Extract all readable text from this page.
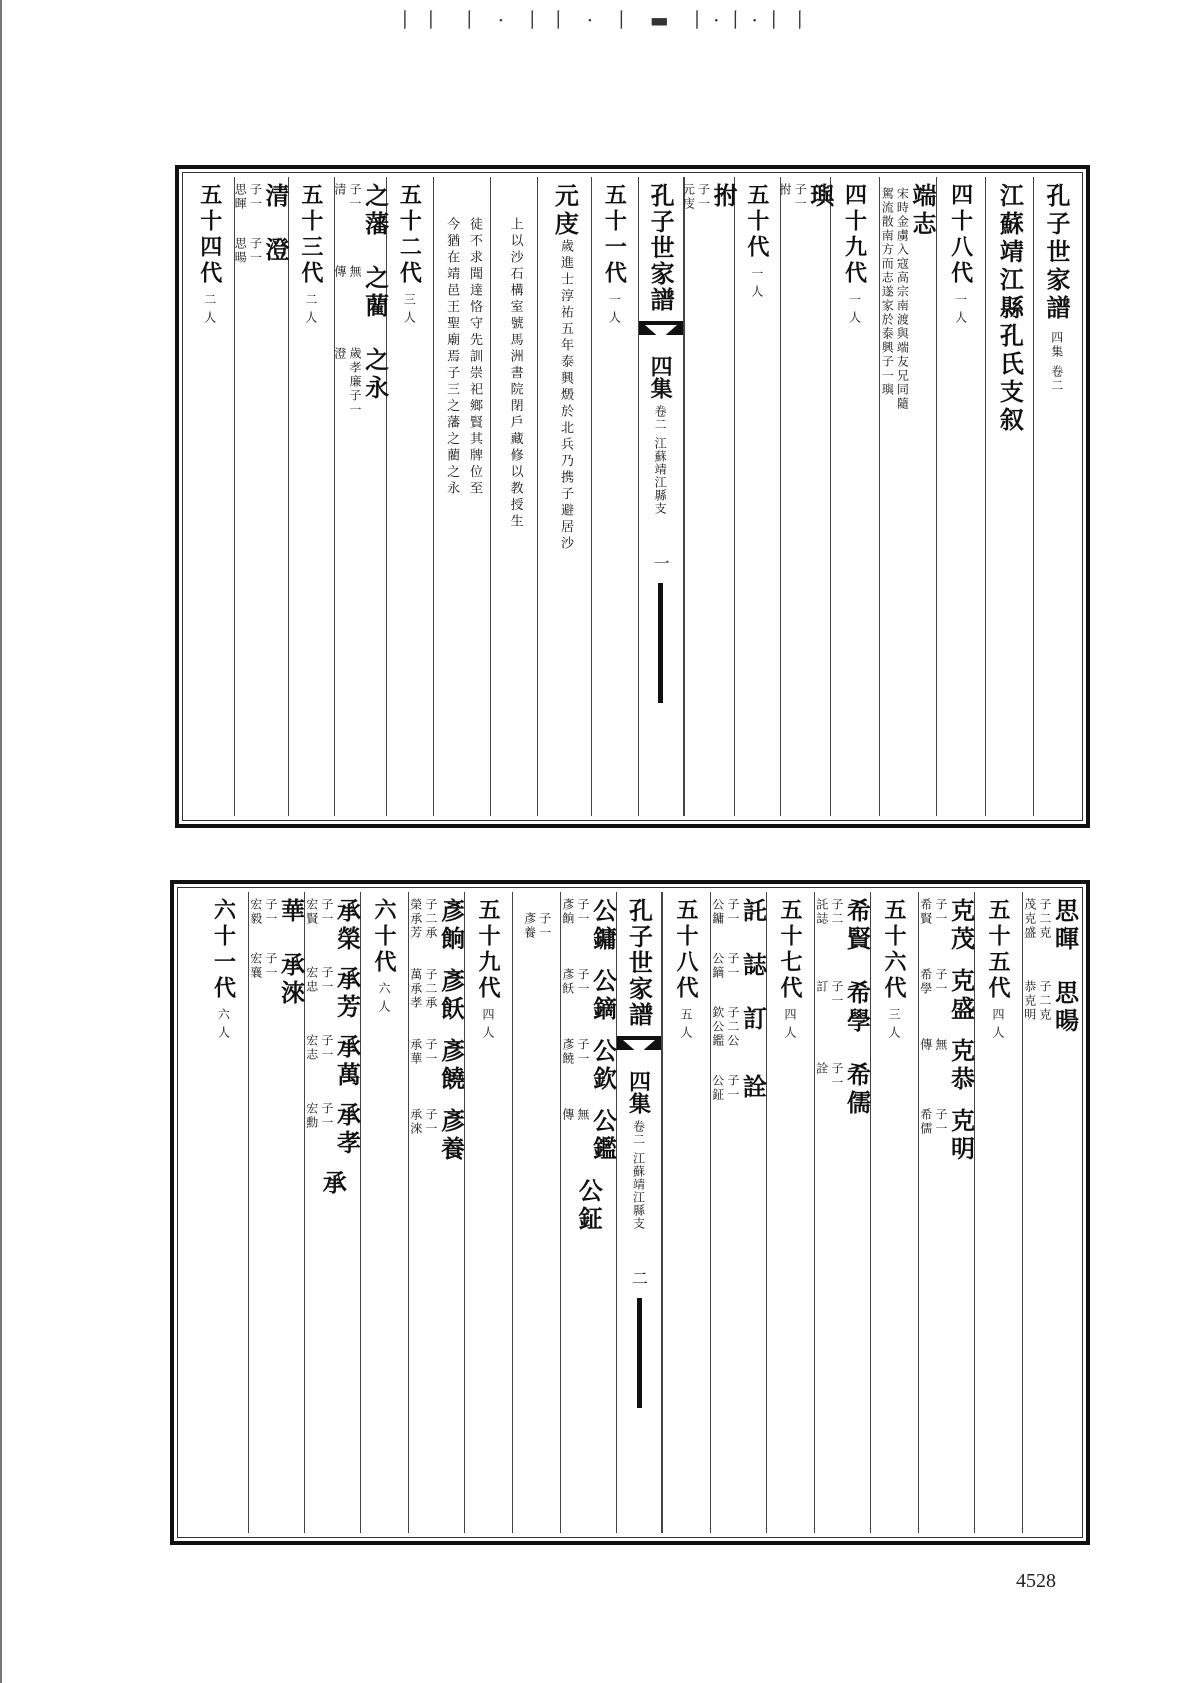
丨丨 丨 · 丨丨 · 丨 ▬ 丨·丨·丨丨
孔子世家譜
四集
卷二
江蘇靖江縣孔氏支叙
四十八代
一人
端志
宋時金虜入寇高宗南渡與端友兄同隨
駕流散南方而志遂家於泰興子一璵
四十九代
一人
璵
子一
拊
五十代
一人
拊
子一
元庋
孔子世家譜
四集
卷二
江蘇靖江縣支
一
五十一代
一人
元庋
歲進士淳祐五年泰興燬於北兵乃携子避居沙
上以沙石構室號馬洲書院閉戶藏修以教授生
徒不求聞達恪守先訓崇祀鄉賢其牌位至
今猶在靖邑王聖廟焉子三之藩之藺之永
五十二代
三人
之藩
子一
清
之藺
無
傳
之永
歲孝廉子一
澄
五十三代
二人
清
子一
思暉
澄
子一
思暘
五十四代
二人
思暉
子二克
茂克盛
思暘
子二克
恭克明
五十五代
四人
克茂
子一
希賢
克盛
子一
希學
克恭
無
傳
克明
子一
希儒
五十六代
三人
希賢
子二
託誌
希學
子一
訂
希儒
子一
詮
五十七代
四人
託
子一
公鏞
誌
子一
公鏑
訂
子二公
欽公鑑
詮
子一
公鉦
五十八代
五人
孔子世家譜
四集
卷二
江蘇靖江縣支
二
公鏞
子一
彥餉
公鏑
子一
彥飫
公欽
子一
彥饒
公鑑
無
傳
公鉦
子一
彥養
五十九代
四人
彥餉
子二承
榮承芳
彥飫
子二承
萬承孝
彥饒
子一
承華
彥養
子一
承淶
六十代
六人
承榮
子一
宏賢
承芳
子一
宏忠
承萬
子一
宏志
承孝
子一
宏勳
承
華
子一
宏毅
承淶
子一
宏襄
六十一代
六人
4528
